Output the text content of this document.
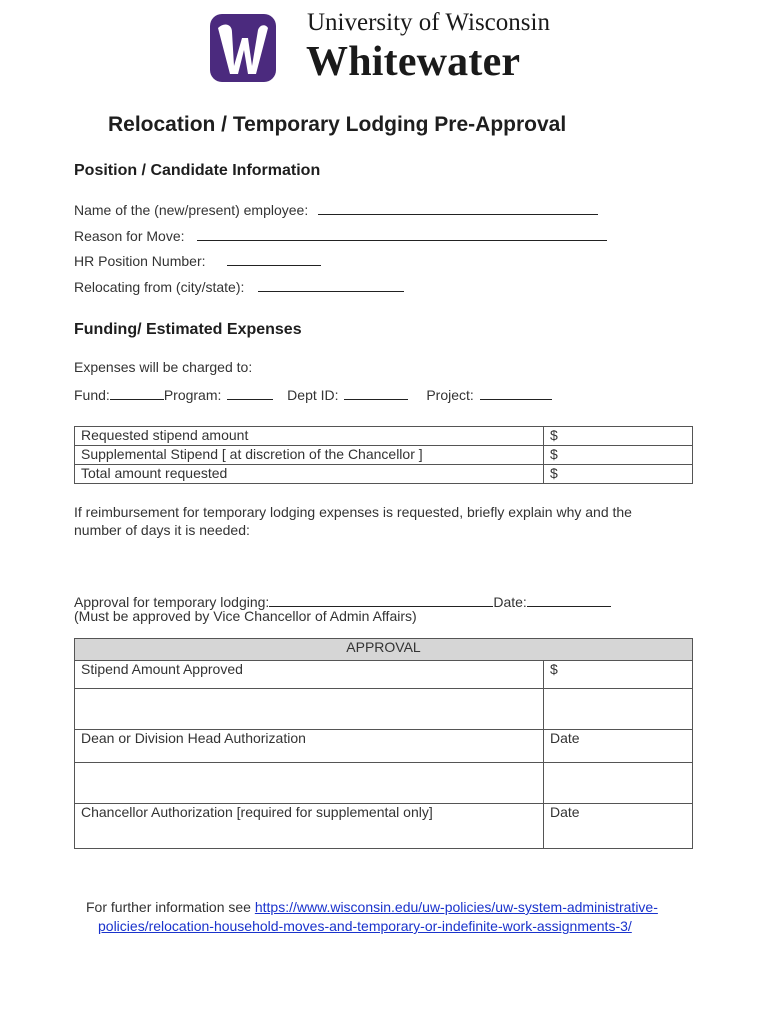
University of Wisconsin
Whitewater
Relocation / Temporary Lodging Pre-Approval
Position / Candidate Information
Name of the (new/present) employee:
Reason for Move:
HR Position Number:
Relocating from (city/state):
Funding/ Estimated Expenses
Expenses will be charged to:
Fund:	Program:	Dept ID:	Project:
Requested stipend amount	$
Supplemental Stipend [ at discretion of the Chancellor ]	$
Total amount requested	$
If reimbursement for temporary lodging expenses is requested, briefly explain why and the
number of days it is needed:
Approval for temporary lodging:	Date:
(Must be approved by Vice Chancellor of Admin Affairs)
APPROVAL	
Stipend Amount Approved	$

Dean or Division Head Authorization	Date

Chancellor Authorization [required for supplemental only]	Date
For further information see https://www.wisconsin.edu/uw-policies/uw-system-administrative-
policies/relocation-household-moves-and-temporary-or-indefinite-work-assignments-3/
